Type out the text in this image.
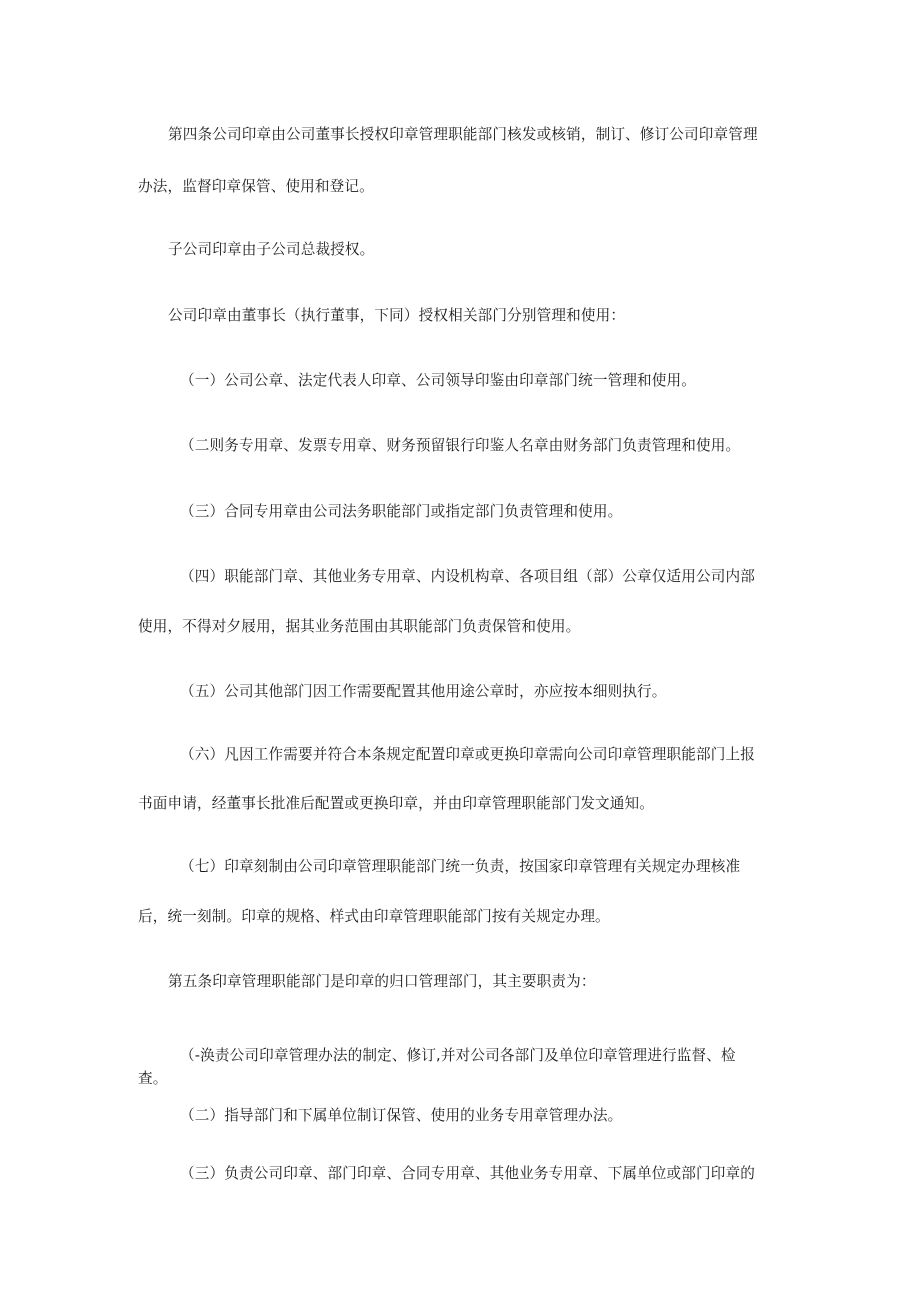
第四条公司印章由公司董事长授权印章管理职能部门核发或核销，制订、修订公司印章管理
办法，监督印章保管、使用和登记。
子公司印章由子公司总裁授权。
公司印章由董事长（执行董事，下同）授权相关部门分别管理和使用：
（一）公司公章、法定代表人印章、公司领导印鉴由印章部门统一管理和使用。
（二则务专用章、发票专用章、财务预留银行印鉴人名章由财务部门负责管理和使用。
（三）合同专用章由公司法务职能部门或指定部门负责管理和使用。
（四）职能部门章、其他业务专用章、内设机构章、各项目组（部）公章仅适用公司内部
使用，不得对夕屐用，据其业务范围由其职能部门负责保管和使用。
（五）公司其他部门因工作需要配置其他用途公章时，亦应按本细则执行。
（六）凡因工作需要并符合本条规定配置印章或更换印章需向公司印章管理职能部门上报
书面申请，经董事长批准后配置或更换印章，并由印章管理职能部门发文通知。
（七）印章刻制由公司印章管理职能部门统一负责，按国家印章管理有关规定办理核准
后，统一刻制。印章的规格、样式由印章管理职能部门按有关规定办理。
第五条印章管理职能部门是印章的归口管理部门，其主要职责为：
（-涣责公司印章管理办法的制定、修订,并对公司各部门及单位印章管理进行监督、检
查。
（二）指导部门和下属单位制订保管、使用的业务专用章管理办法。
（三）负责公司印章、部门印章、合同专用章、其他业务专用章、下属单位或部门印章的
